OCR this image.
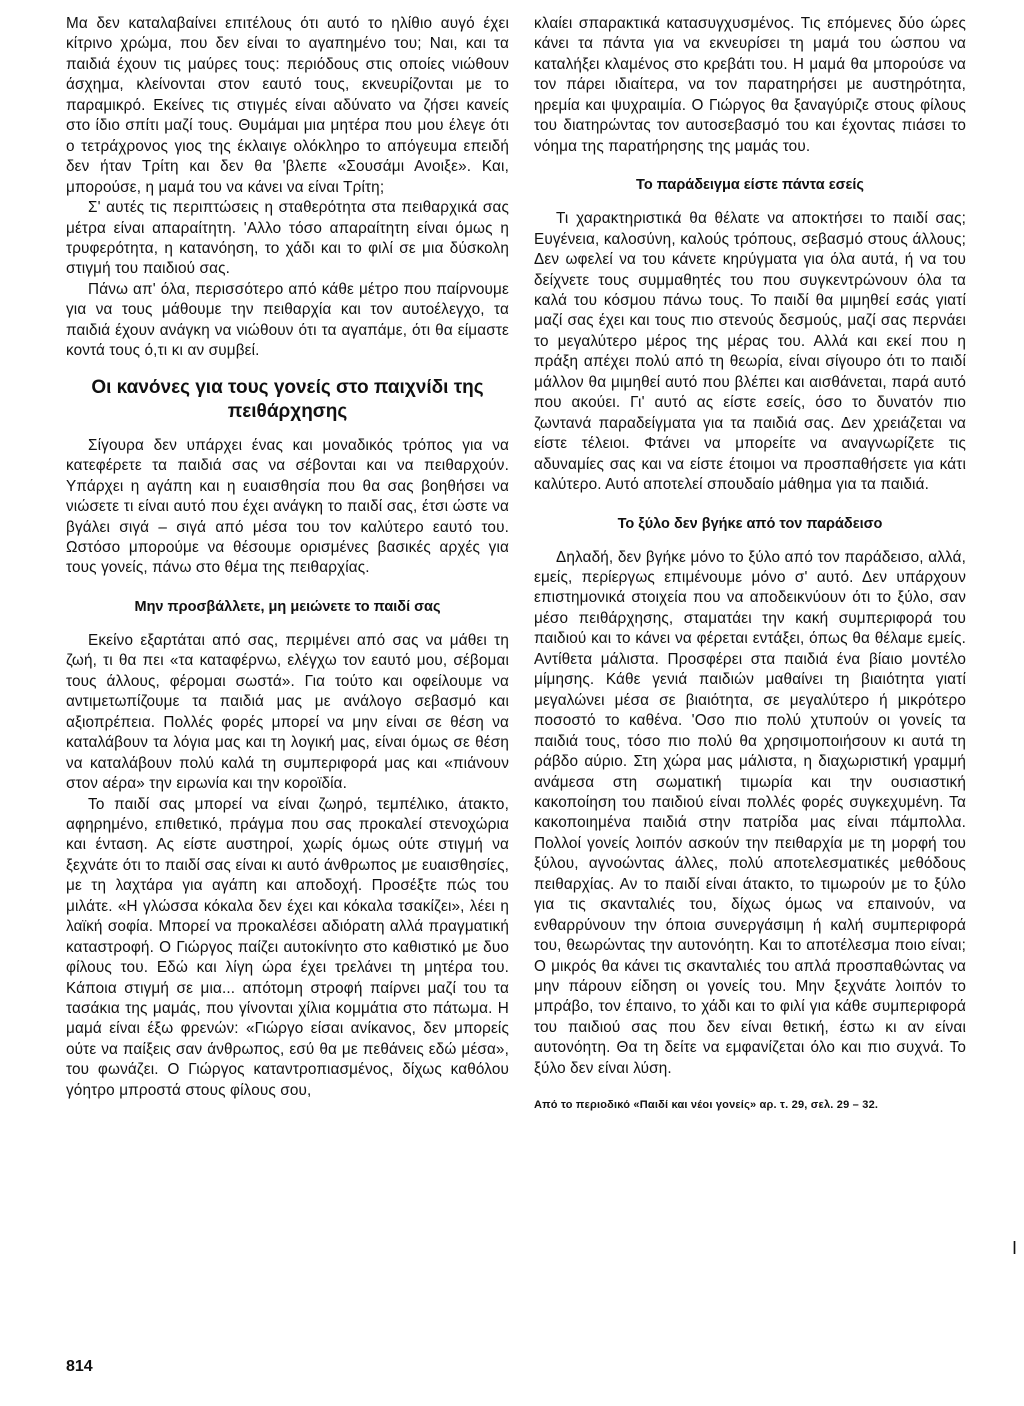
Μα δεν καταλαβαίνει επιτέλους ότι αυτό το ηλίθιο αυγό έχει κίτρινο χρώμα, που δεν είναι το αγαπημένο του; Ναι, και τα παιδιά έχουν τις μαύρες τους: περιόδους στις οποίες νιώθουν άσχημα, κλείνονται στον εαυτό τους, εκνευρίζονται με το παραμικρό. Εκείνες τις στιγμές είναι αδύνατο να ζήσει κανείς στο ίδιο σπίτι μαζί τους. Θυμάμαι μια μητέρα που μου έλεγε ότι ο τετράχρονος γιος της έκλαιγε ολόκληρο το απόγευμα επειδή δεν ήταν Τρίτη και δεν θα 'βλεπε «Σουσάμι Ανοιξε». Και, μπορούσε, η μαμά του να κάνει να είναι Τρίτη;

Σ' αυτές τις περιπτώσεις η σταθερότητα στα πειθαρχικά σας μέτρα είναι απαραίτητη. 'Αλλο τόσο απαραίτητη είναι όμως η τρυφερότητα, η κατανόηση, το χάδι και το φιλί σε μια δύσκολη στιγμή του παιδιού σας.

Πάνω απ' όλα, περισσότερο από κάθε μέτρο που παίρνουμε για να τους μάθουμε την πειθαρχία και τον αυτοέλεγχο, τα παιδιά έχουν ανάγκη να νιώθουν ότι τα αγαπάμε, ότι θα είμαστε κοντά τους ό,τι κι αν συμβεί.

Οι κανόνες για τους γονείς στο παιχνίδι της πειθάρχησης

Σίγουρα δεν υπάρχει ένας και μοναδικός τρόπος για να κατεφέρετε τα παιδιά σας να σέβονται και να πειθαρχούν. Υπάρχει η αγάπη και η ευαισθησία που θα σας βοηθήσει να νιώσετε τι είναι αυτό που έχει ανάγκη το παιδί σας, έτσι ώστε να βγάλει σιγά – σιγά από μέσα του τον καλύτερο εαυτό του. Ωστόσο μπορούμε να θέσουμε ορισμένες βασικές αρχές για τους γονείς, πάνω στο θέμα της πειθαρχίας.

Μην προσβάλλετε, μη μειώνετε το παιδί σας

Εκείνο εξαρτάται από σας, περιμένει από σας να μάθει τη ζωή, τι θα πει «τα καταφέρνω, ελέγχω τον εαυτό μου, σέβομαι τους άλλους, φέρομαι σωστά». Για τούτο και οφείλουμε να αντιμετωπίζουμε τα παιδιά μας με ανάλογο σεβασμό και αξιοπρέπεια. Πολλές φορές μπορεί να μην είναι σε θέση να καταλάβουν τα λόγια μας και τη λογική μας, είναι όμως σε θέση να καταλάβουν πολύ καλά τη συμπεριφορά μας και «πιάνουν στον αέρα» την ειρωνία και την κοροϊδία.

Το παιδί σας μπορεί να είναι ζωηρό, τεμπέλικο, άτακτο, αφηρημένο, επιθετικό, πράγμα που σας προκαλεί στενοχώρια και ένταση. Ας είστε αυστηροί, χωρίς όμως ούτε στιγμή να ξεχνάτε ότι το παιδί σας είναι κι αυτό άνθρωπος με ευαισθησίες, με τη λαχτάρα για αγάπη και αποδοχή. Προσέξτε πώς του μιλάτε. «Η γλώσσα κόκαλα δεν έχει και κόκαλα τσακίζει», λέει η λαϊκή σοφία. Μπορεί να προκαλέσει αδιόρατη αλλά πραγματική καταστροφή. Ο Γιώργος παίζει αυτοκίνητο στο καθιστικό με δυο φίλους του. Εδώ και λίγη ώρα έχει τρελάνει τη μητέρα του. Κάποια στιγμή σε μια... απότομη στροφή παίρνει μαζί του τα τασάκια της μαμάς, που γίνονται χίλια κομμάτια στο πάτωμα. Η μαμά είναι έξω φρενών: «Γιώργο είσαι ανίκανος, δεν μπορείς ούτε να παίξεις σαν άνθρωπος, εσύ θα με πεθάνεις εδώ μέσα», του φωνάζει. Ο Γιώργος καταντροπιασμένος, δίχως καθόλου γόητρο μπροστά στους φίλους σου,

κλαίει σπαρακτικά κατασυγχυσμένος. Τις επόμενες δύο ώρες κάνει τα πάντα για να εκνευρίσει τη μαμά του ώσπου να καταλήξει κλαμένος στο κρεβάτι του. Η μαμά θα μπορούσε να τον πάρει ιδιαίτερα, να τον παρατηρήσει με αυστηρότητα, ηρεμία και ψυχραιμία. Ο Γιώργος θα ξαναγύριζε στους φίλους του διατηρώντας τον αυτοσεβασμό του και έχοντας πιάσει το νόημα της παρατήρησης της μαμάς του.

Το παράδειγμα είστε πάντα εσείς

Τι χαρακτηριστικά θα θέλατε να αποκτήσει το παιδί σας; Ευγένεια, καλοσύνη, καλούς τρόπους, σεβασμό στους άλλους; Δεν ωφελεί να του κάνετε κηρύγματα για όλα αυτά, ή να του δείχνετε τους συμμαθητές του που συγκεντρώνουν όλα τα καλά του κόσμου πάνω τους. Το παιδί θα μιμηθεί εσάς γιατί μαζί σας έχει και τους πιο στενούς δεσμούς, μαζί σας περνάει το μεγαλύτερο μέρος της μέρας του. Αλλά και εκεί που η πράξη απέχει πολύ από τη θεωρία, είναι σίγουρο ότι το παιδί μάλλον θα μιμηθεί αυτό που βλέπει και αισθάνεται, παρά αυτό που ακούει. Γι' αυτό ας είστε εσείς, όσο το δυνατόν πιο ζωντανά παραδείγματα για τα παιδιά σας. Δεν χρειάζεται να είστε τέλειοι. Φτάνει να μπορείτε να αναγνωρίζετε τις αδυναμίες σας και να είστε έτοιμοι να προσπαθήσετε για κάτι καλύτερο. Αυτό αποτελεί σπουδαίο μάθημα για τα παιδιά.

Το ξύλο δεν βγήκε από τον παράδεισο

Δηλαδή, δεν βγήκε μόνο το ξύλο από τον παράδεισο, αλλά, εμείς, περίεργως επιμένουμε μόνο σ' αυτό. Δεν υπάρχουν επιστημονικά στοιχεία που να αποδεικνύουν ότι το ξύλο, σαν μέσο πειθάρχησης, σταματάει την κακή συμπεριφορά του παιδιού και το κάνει να φέρεται εντάξει, όπως θα θέλαμε εμείς. Αντίθετα μάλιστα. Προσφέρει στα παιδιά ένα βίαιο μοντέλο μίμησης. Κάθε γενιά παιδιών μαθαίνει τη βιαιότητα γιατί μεγαλώνει μέσα σε βιαιότητα, σε μεγαλύτερο ή μικρότερο ποσοστό το καθένα. 'Οσο πιο πολύ χτυπούν οι γονείς τα παιδιά τους, τόσο πιο πολύ θα χρησιμοποιήσουν κι αυτά τη ράβδο αύριο. Στη χώρα μας μάλιστα, η διαχωριστική γραμμή ανάμεσα στη σωματική τιμωρία και την ουσιαστική κακοποίηση του παιδιού είναι πολλές φορές συγκεχυμένη. Τα κακοποιημένα παιδιά στην πατρίδα μας είναι πάμπολλα. Πολλοί γονείς λοιπόν ασκούν την πειθαρχία με τη μορφή του ξύλου, αγνοώντας άλλες, πολύ αποτελεσματικές μεθόδους πειθαρχίας. Αν το παιδί είναι άτακτο, το τιμωρούν με το ξύλο για τις σκανταλιές του, δίχως όμως να επαινούν, να ενθαρρύνουν την όποια συνεργάσιμη ή καλή συμπεριφορά του, θεωρώντας την αυτονόητη. Και το αποτέλεσμα ποιο είναι; Ο μικρός θα κάνει τις σκανταλιές του απλά προσπαθώντας να μην πάρουν είδηση οι γονείς του. Μην ξεχνάτε λοιπόν το μπράβο, τον έπαινο, το χάδι και το φιλί για κάθε συμπεριφορά του παιδιού σας που δεν είναι θετική, έστω κι αν είναι αυτονόητη. Θα τη δείτε να εμφανίζεται όλο και πιο συχνά. Το ξύλο δεν είναι λύση.

Από το περιοδικό «Παιδί και νέοι γονείς» αρ. τ. 29, σελ. 29 – 32.
814
I
